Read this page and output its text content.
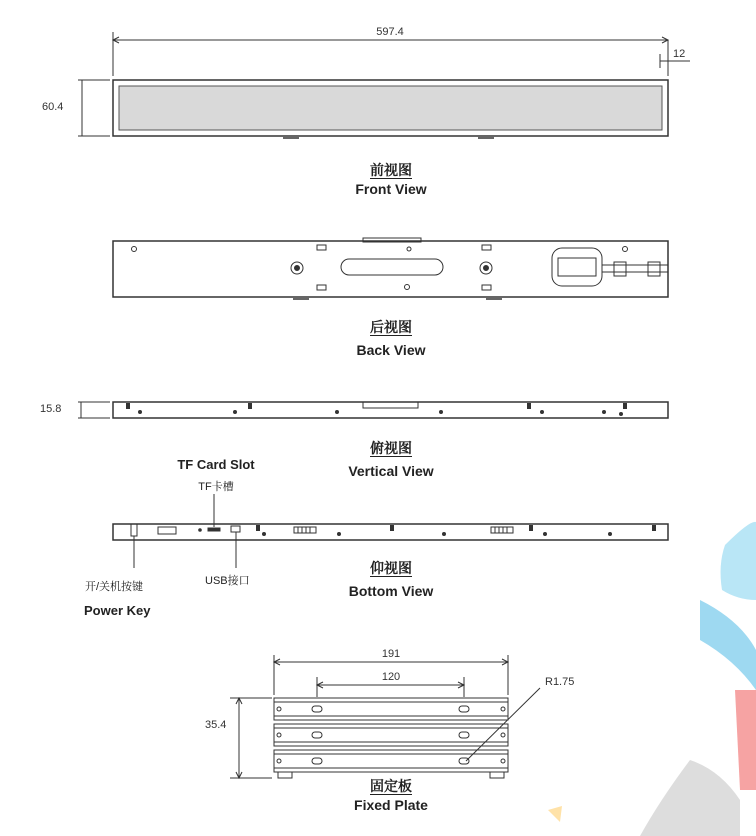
597.4
12
60.4
前视图
Front View
后视图
Back View
15.8
俯视图
Vertical View
TF Card Slot
TF卡槽
USB接口
开/关机按键
Power Key
仰视图
Bottom View
191
120
35.4
R1.75
固定板
Fixed Plate
